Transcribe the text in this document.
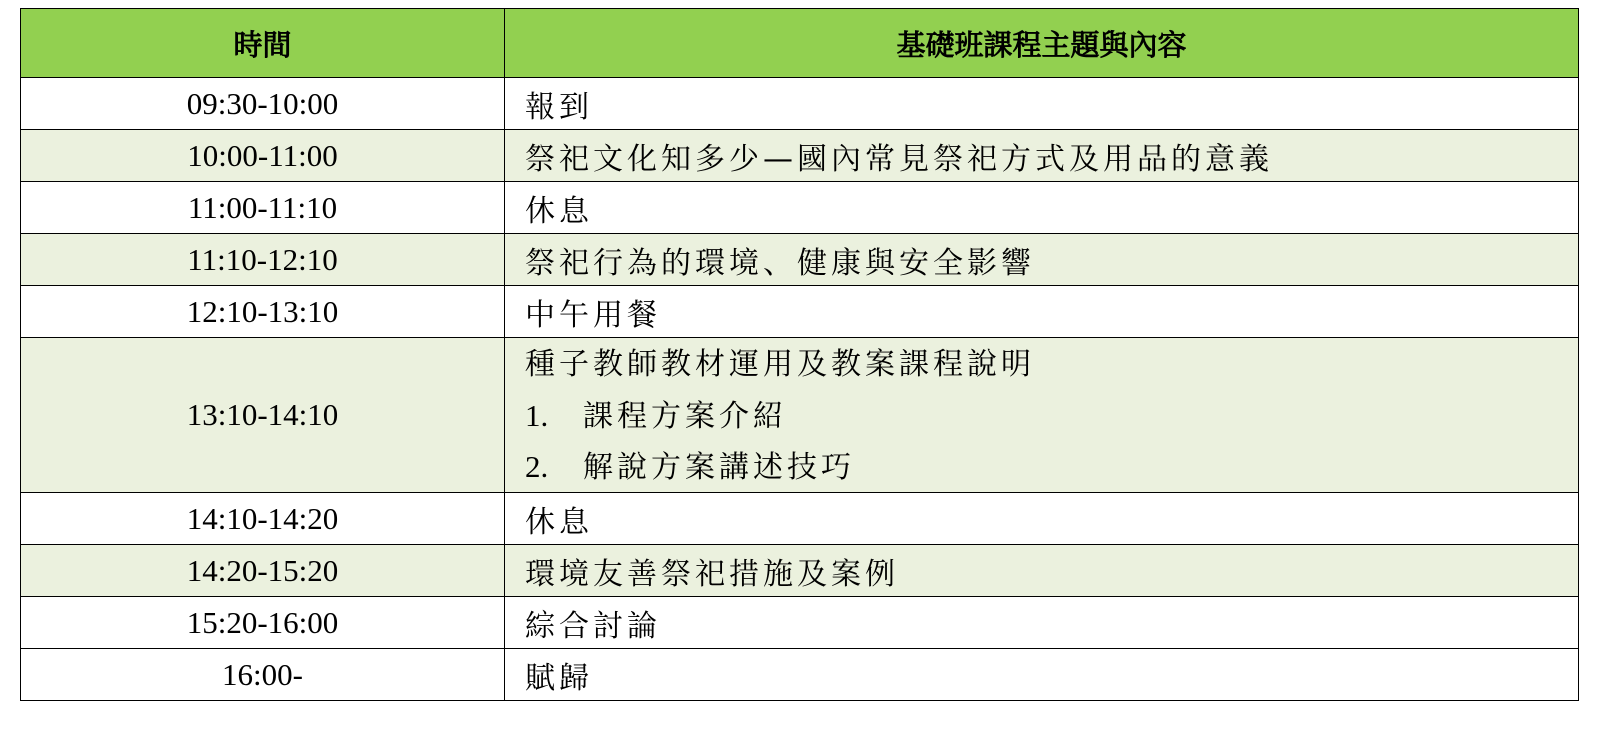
時間	基礎班課程主題與內容
09:30-10:00	報到
10:00-11:00	祭祀文化知多少—國內常見祭祀方式及用品的意義
11:00-11:10	休息
11:10-12:10	祭祀行為的環境、健康與安全影響
12:10-13:10	中午用餐
13:10-14:10	種子教師教材運用及教案課程說明
1. 課程方案介紹
2. 解說方案講述技巧

14:10-14:20	休息
14:20-15:20	環境友善祭祀措施及案例
15:20-16:00	綜合討論
16:00-	賦歸
